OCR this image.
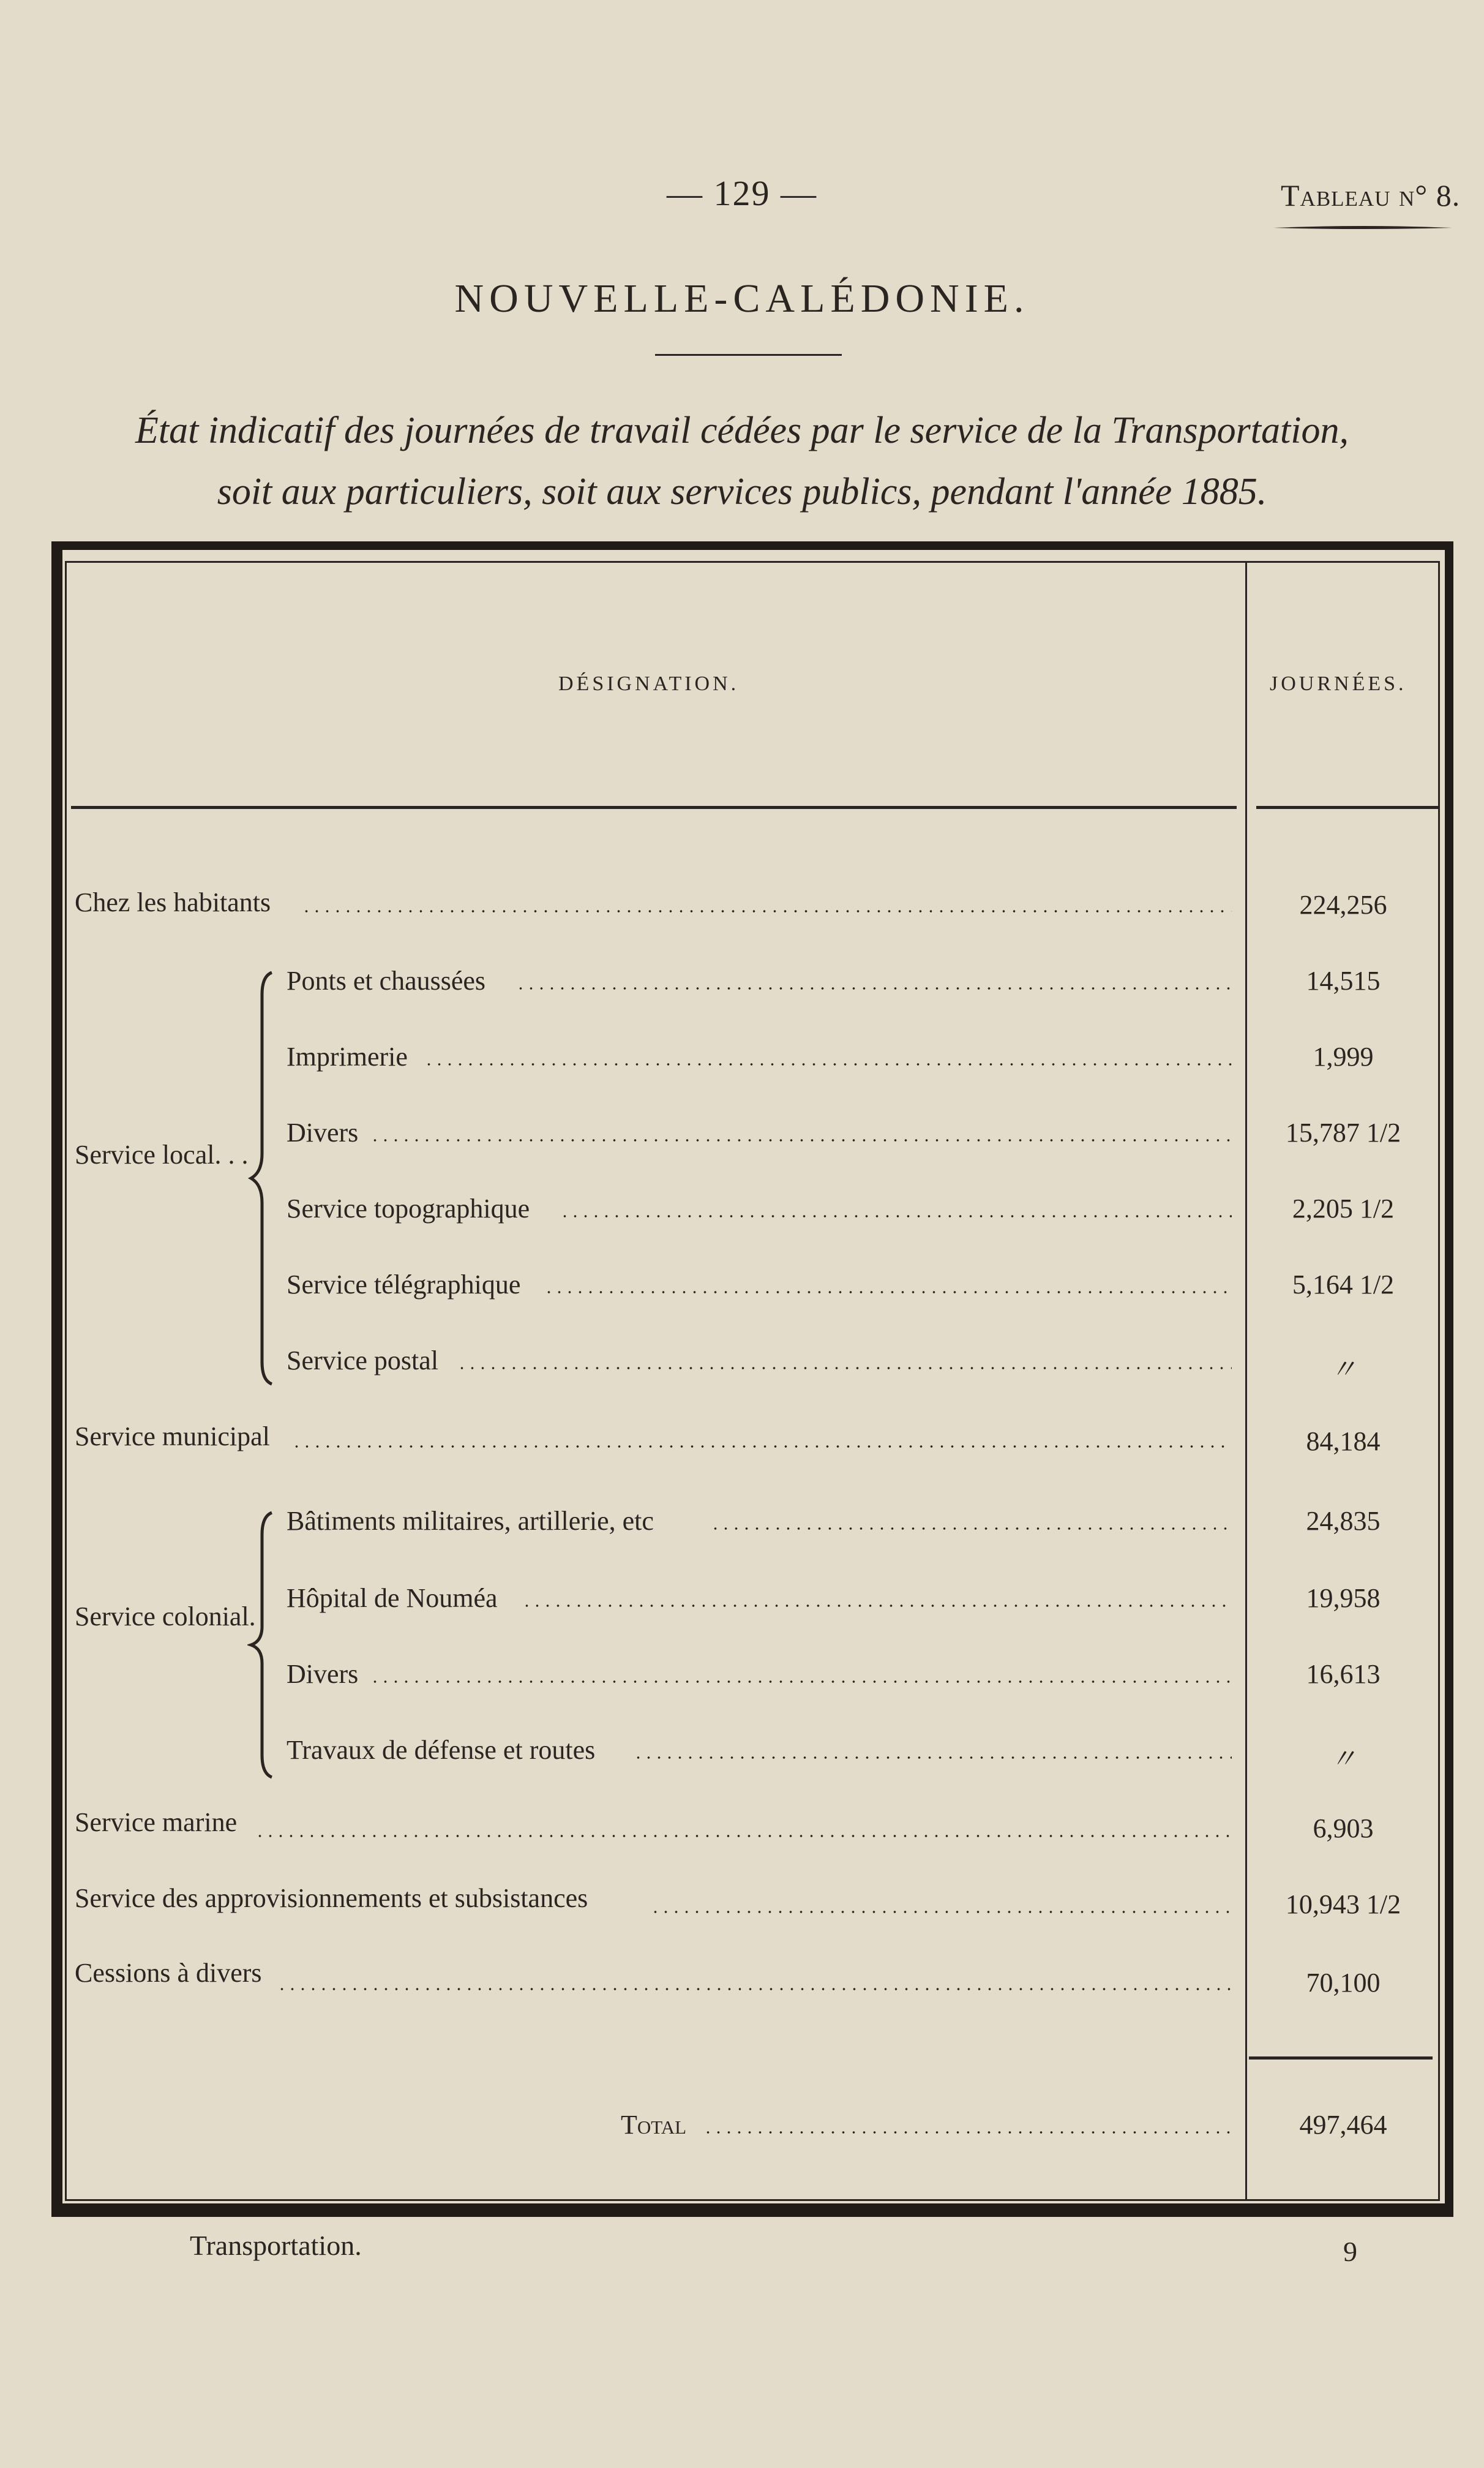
— 129 —	Tableau n° 8.
NOUVELLE-CALÉDONIE.
État indicatif des journées de travail cédées par le service de la Transportation,
soit aux particuliers, soit aux services publics, pendant l'année 1885.
DÉSIGNATION.	JOURNÉES.
Service local. . .
Service colonial.
Chez les habitants	224,256
Ponts et chaussées	14,515
Imprimerie	1,999
Divers	15,787 1/2
Service topographique	2,205 1/2
Service télégraphique	5,164 1/2
Service postal	〃
Service municipal	84,184
Bâtiments militaires, artillerie, etc	24,835
Hôpital de Nouméa	19,958
Divers	16,613
Travaux de défense et routes	〃
Service marine	6,903
Service des approvisionnements et subsistances	10,943 1/2
Cessions à divers	70,100
Total	497,464
Transportation.	9
